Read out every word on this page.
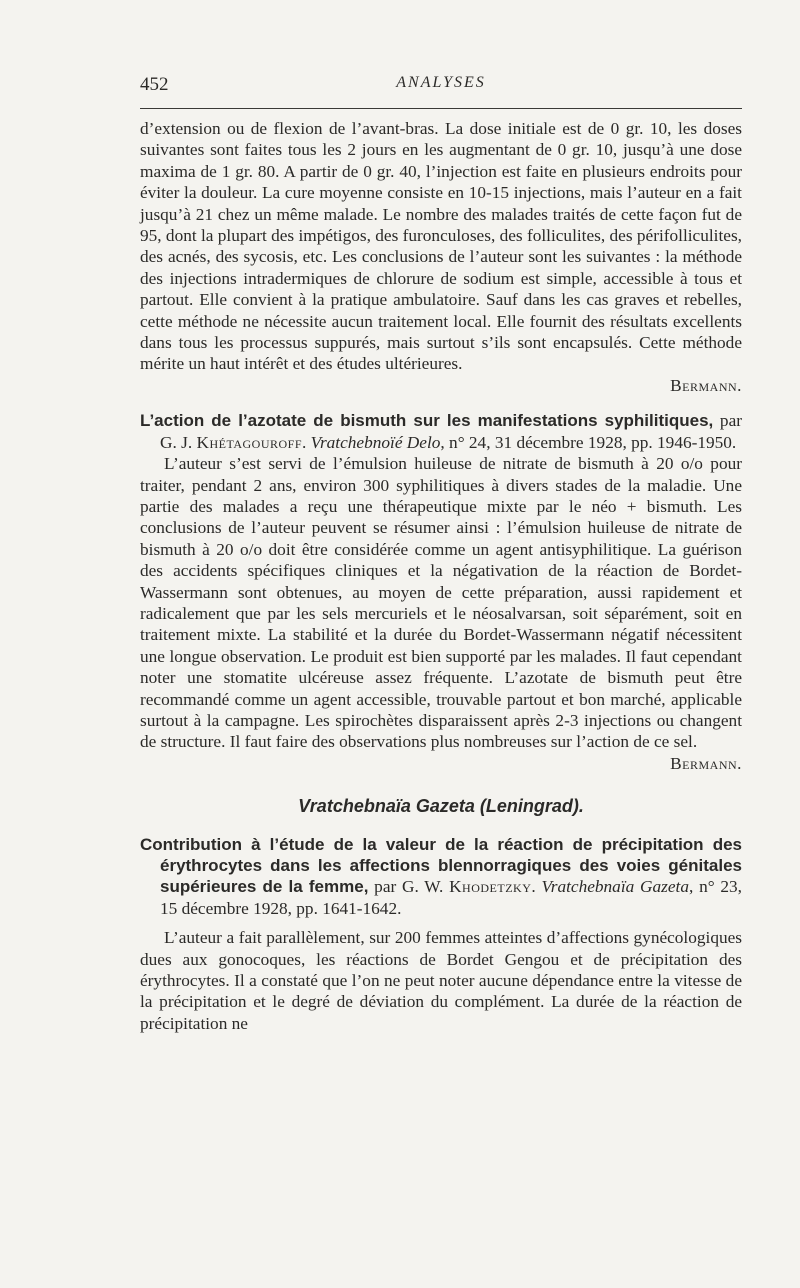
452	ANALYSES

d’extension ou de flexion de l’avant-bras. La dose initiale est de 0 gr. 10, les doses suivantes sont faites tous les 2 jours en les augmentant de 0 gr. 10, jusqu’à une dose maxima de 1 gr. 80. A partir de 0 gr. 40, l’injection est faite en plusieurs endroits pour éviter la douleur. La cure moyenne consiste en 10-15 injections, mais l’auteur en a fait jusqu’à 21 chez un même malade. Le nombre des malades traités de cette façon fut de 95, dont la plupart des impétigos, des furonculoses, des folliculites, des périfolliculites, des acnés, des sycosis, etc. Les conclusions de l’auteur sont les suivantes : la méthode des injections intradermiques de chlorure de sodium est simple, accessible à tous et partout. Elle convient à la pratique ambulatoire. Sauf dans les cas graves et rebelles, cette méthode ne nécessite aucun traitement local. Elle fournit des résultats excellents dans tous les processus suppurés, mais surtout s’ils sont encapsulés. Cette méthode mérite un haut intérêt et des études ultérieures.

Bermann.

L’action de l’azotate de bismuth sur les manifestations syphilitiques, par G. J. Khétagouroff. Vratchebnoïé Delo, n° 24, 31 décembre 1928, pp. 1946-1950.

L’auteur s’est servi de l’émulsion huileuse de nitrate de bismuth à 20 o/o pour traiter, pendant 2 ans, environ 300 syphilitiques à divers stades de la maladie. Une partie des malades a reçu une thérapeutique mixte par le néo + bismuth. Les conclusions de l’auteur peuvent se résumer ainsi : l’émulsion huileuse de nitrate de bismuth à 20 o/o doit être considérée comme un agent antisyphilitique. La guérison des accidents spécifiques cliniques et la négativation de la réaction de Bordet-Wassermann sont obtenues, au moyen de cette préparation, aussi rapidement et radicalement que par les sels mercuriels et le néosalvarsan, soit séparément, soit en traitement mixte. La stabilité et la durée du Bordet-Wassermann négatif nécessitent une longue observation. Le produit est bien supporté par les malades. Il faut cependant noter une stomatite ulcéreuse assez fréquente. L’azotate de bismuth peut être recommandé comme un agent accessible, trouvable partout et bon marché, applicable surtout à la campagne. Les spirochètes disparaissent après 2-3 injections ou changent de structure. Il faut faire des observations plus nombreuses sur l’action de ce sel.

Bermann.

Vratchebnaïa Gazeta (Leningrad).

Contribution à l’étude de la valeur de la réaction de précipitation des érythrocytes dans les affections blennorragiques des voies génitales supérieures de la femme, par G. W. Khodetzky. Vratchebnaïa Gazeta, n° 23, 15 décembre 1928, pp. 1641-1642.

L’auteur a fait parallèlement, sur 200 femmes atteintes d’affections gynécologiques dues aux gonocoques, les réactions de Bordet Gengou et de précipitation des érythrocytes. Il a constaté que l’on ne peut noter aucune dépendance entre la vitesse de la précipitation et le degré de déviation du complément. La durée de la réaction de précipitation ne
